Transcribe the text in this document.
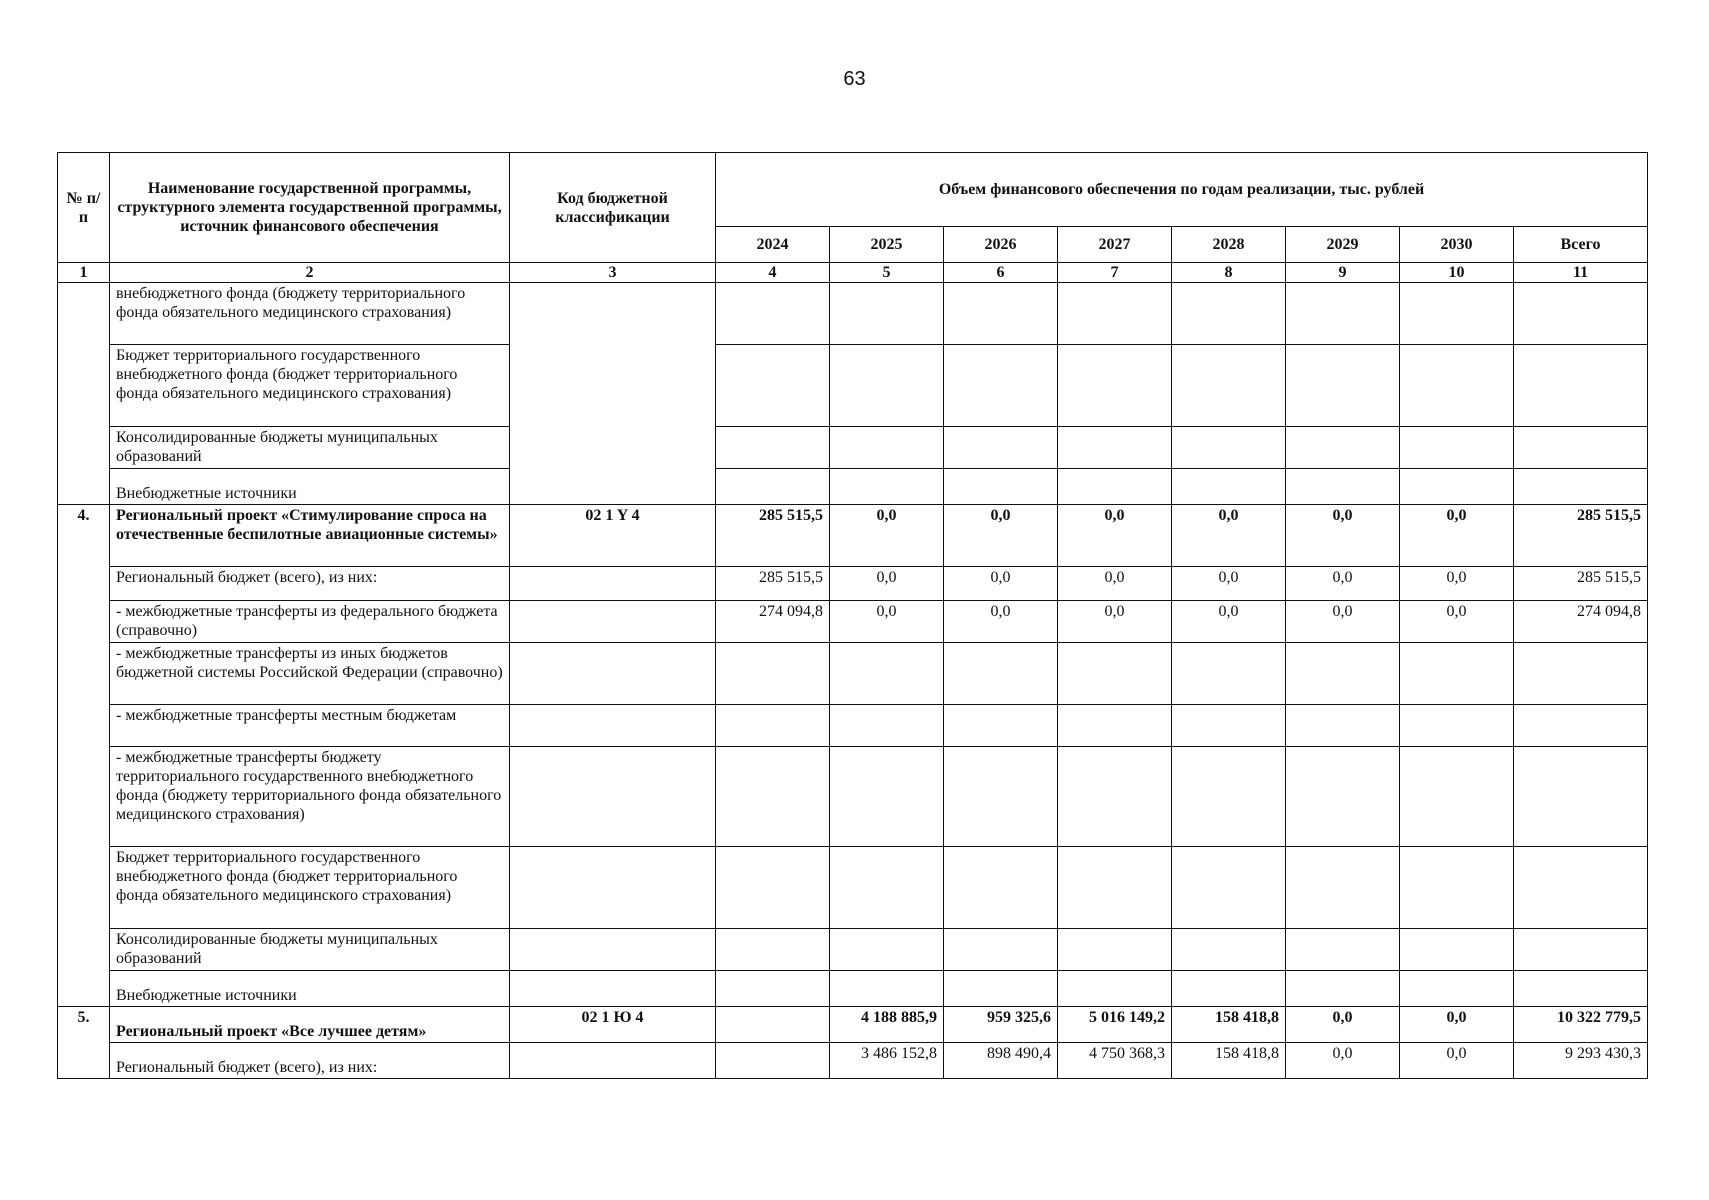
63
№ п/п	Наименование государственной программы, структурного элемента государственной программы, источник финансового обеспечения	Код бюджетной классификации	Объем финансового обеспечения по годам реализации, тыс. рублей							
			2024	2025	2026	2027	2028	2029	2030	Всего
1	2	3	4	5	6	7	8	9	10	11
	внебюджетного фонда (бюджету территориального фонда обязательного медицинского страхования)									
	Бюджет территориального государственного внебюджетного фонда (бюджет территориального фонда обязательного медицинского страхования)									
	Консолидированные бюджеты муниципальных образований									
	Внебюджетные источники									
4.	Региональный проект «Стимулирование спроса на отечественные беспилотные авиационные системы»	02 1 Y 4	285 515,5	0,0	0,0	0,0	0,0	0,0	0,0	285 515,5
	Региональный бюджет (всего), из них:		285 515,5	0,0	0,0	0,0	0,0	0,0	0,0	285 515,5
	- межбюджетные трансферты из федерального бюджета (справочно)		274 094,8	0,0	0,0	0,0	0,0	0,0	0,0	274 094,8
	- межбюджетные трансферты из иных бюджетов бюджетной системы Российской Федерации (справочно)									
	- межбюджетные трансферты местным бюджетам									
	- межбюджетные трансферты бюджету территориального государственного внебюджетного фонда (бюджету территориального фонда обязательного медицинского страхования)									
	Бюджет территориального государственного внебюджетного фонда (бюджет территориального фонда обязательного медицинского страхования)									
	Консолидированные бюджеты муниципальных образований									
	Внебюджетные источники									
5.	Региональный проект «Все лучшее детям»	02 1 Ю 4		4 188 885,9	959 325,6	5 016 149,2	158 418,8	0,0	0,0	10 322 779,5
	Региональный бюджет (всего), из них:			3 486 152,8	898 490,4	4 750 368,3	158 418,8	0,0	0,0	9 293 430,3
